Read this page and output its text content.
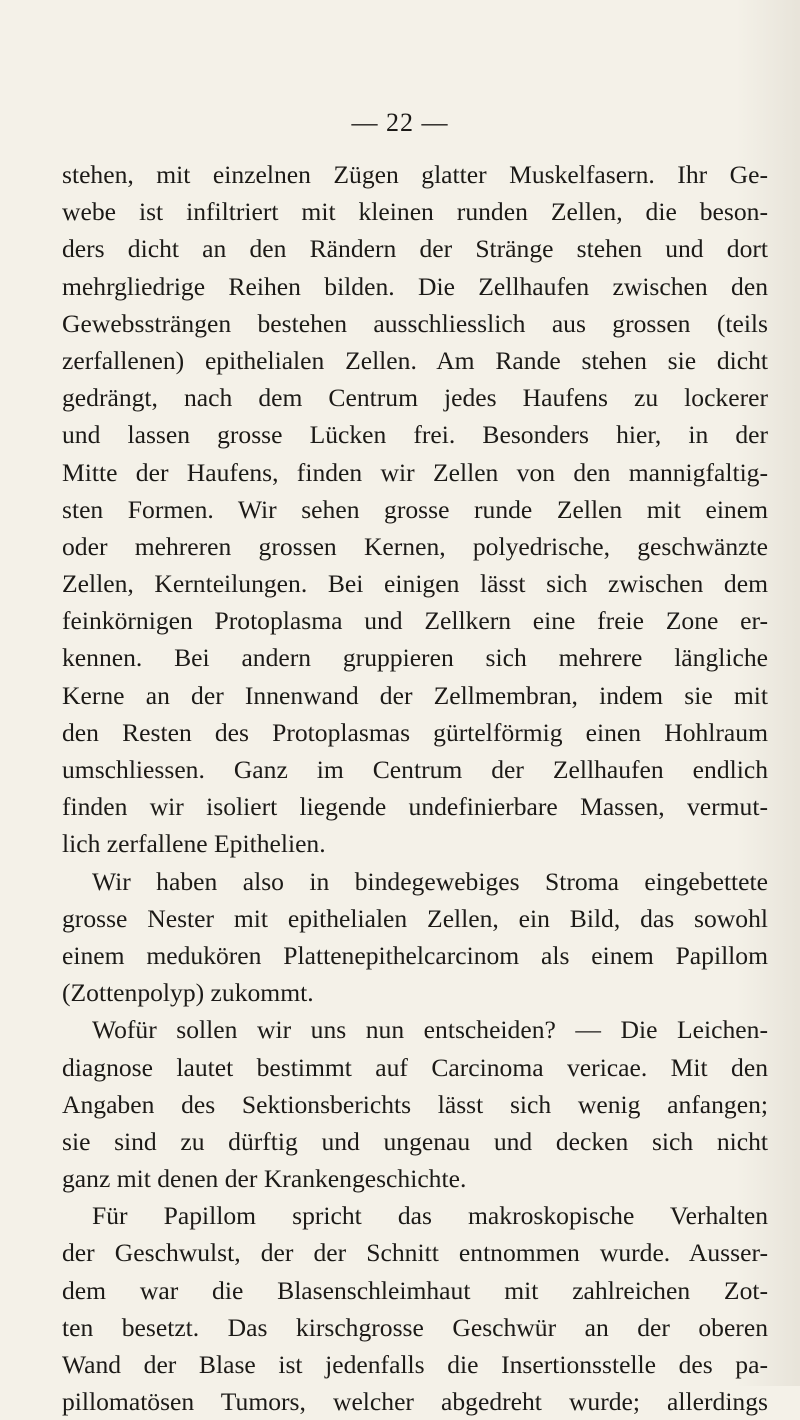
— 22 —
stehen, mit einzelnen Zügen glatter Muskelfasern. Ihr Ge-
webe ist infiltriert mit kleinen runden Zellen, die beson-
ders dicht an den Rändern der Stränge stehen und dort
mehrgliedrige Reihen bilden. Die Zellhaufen zwischen den
Gewebssträngen bestehen ausschliesslich aus grossen (teils
zerfallenen) epithelialen Zellen. Am Rande stehen sie dicht
gedrängt, nach dem Centrum jedes Haufens zu lockerer
und lassen grosse Lücken frei. Besonders hier, in der
Mitte der Haufens, finden wir Zellen von den mannigfaltig-
sten Formen. Wir sehen grosse runde Zellen mit einem
oder mehreren grossen Kernen, polyedrische, geschwänzte
Zellen, Kernteilungen. Bei einigen lässt sich zwischen dem
feinkörnigen Protoplasma und Zellkern eine freie Zone er-
kennen. Bei andern gruppieren sich mehrere längliche
Kerne an der Innenwand der Zellmembran, indem sie mit
den Resten des Protoplasmas gürtelförmig einen Hohlraum
umschliessen. Ganz im Centrum der Zellhaufen endlich
finden wir isoliert liegende undefinierbare Massen, vermut-
lich zerfallene Epithelien.
Wir haben also in bindegewebiges Stroma eingebettete
grosse Nester mit epithelialen Zellen, ein Bild, das sowohl
einem medukören Plattenepithelcarcinom als einem Papillom
(Zottenpolyp) zukommt.
Wofür sollen wir uns nun entscheiden? — Die Leichen-
diagnose lautet bestimmt auf Carcinoma vericae. Mit den
Angaben des Sektionsberichts lässt sich wenig anfangen;
sie sind zu dürftig und ungenau und decken sich nicht
ganz mit denen der Krankengeschichte.
Für Papillom spricht das makroskopische Verhalten
der Geschwulst, der der Schnitt entnommen wurde. Ausser-
dem war die Blasenschleimhaut mit zahlreichen Zot-
ten besetzt. Das kirschgrosse Geschwür an der oberen
Wand der Blase ist jedenfalls die Insertionsstelle des pa-
pillomatösen Tumors, welcher abgedreht wurde; allerdings
